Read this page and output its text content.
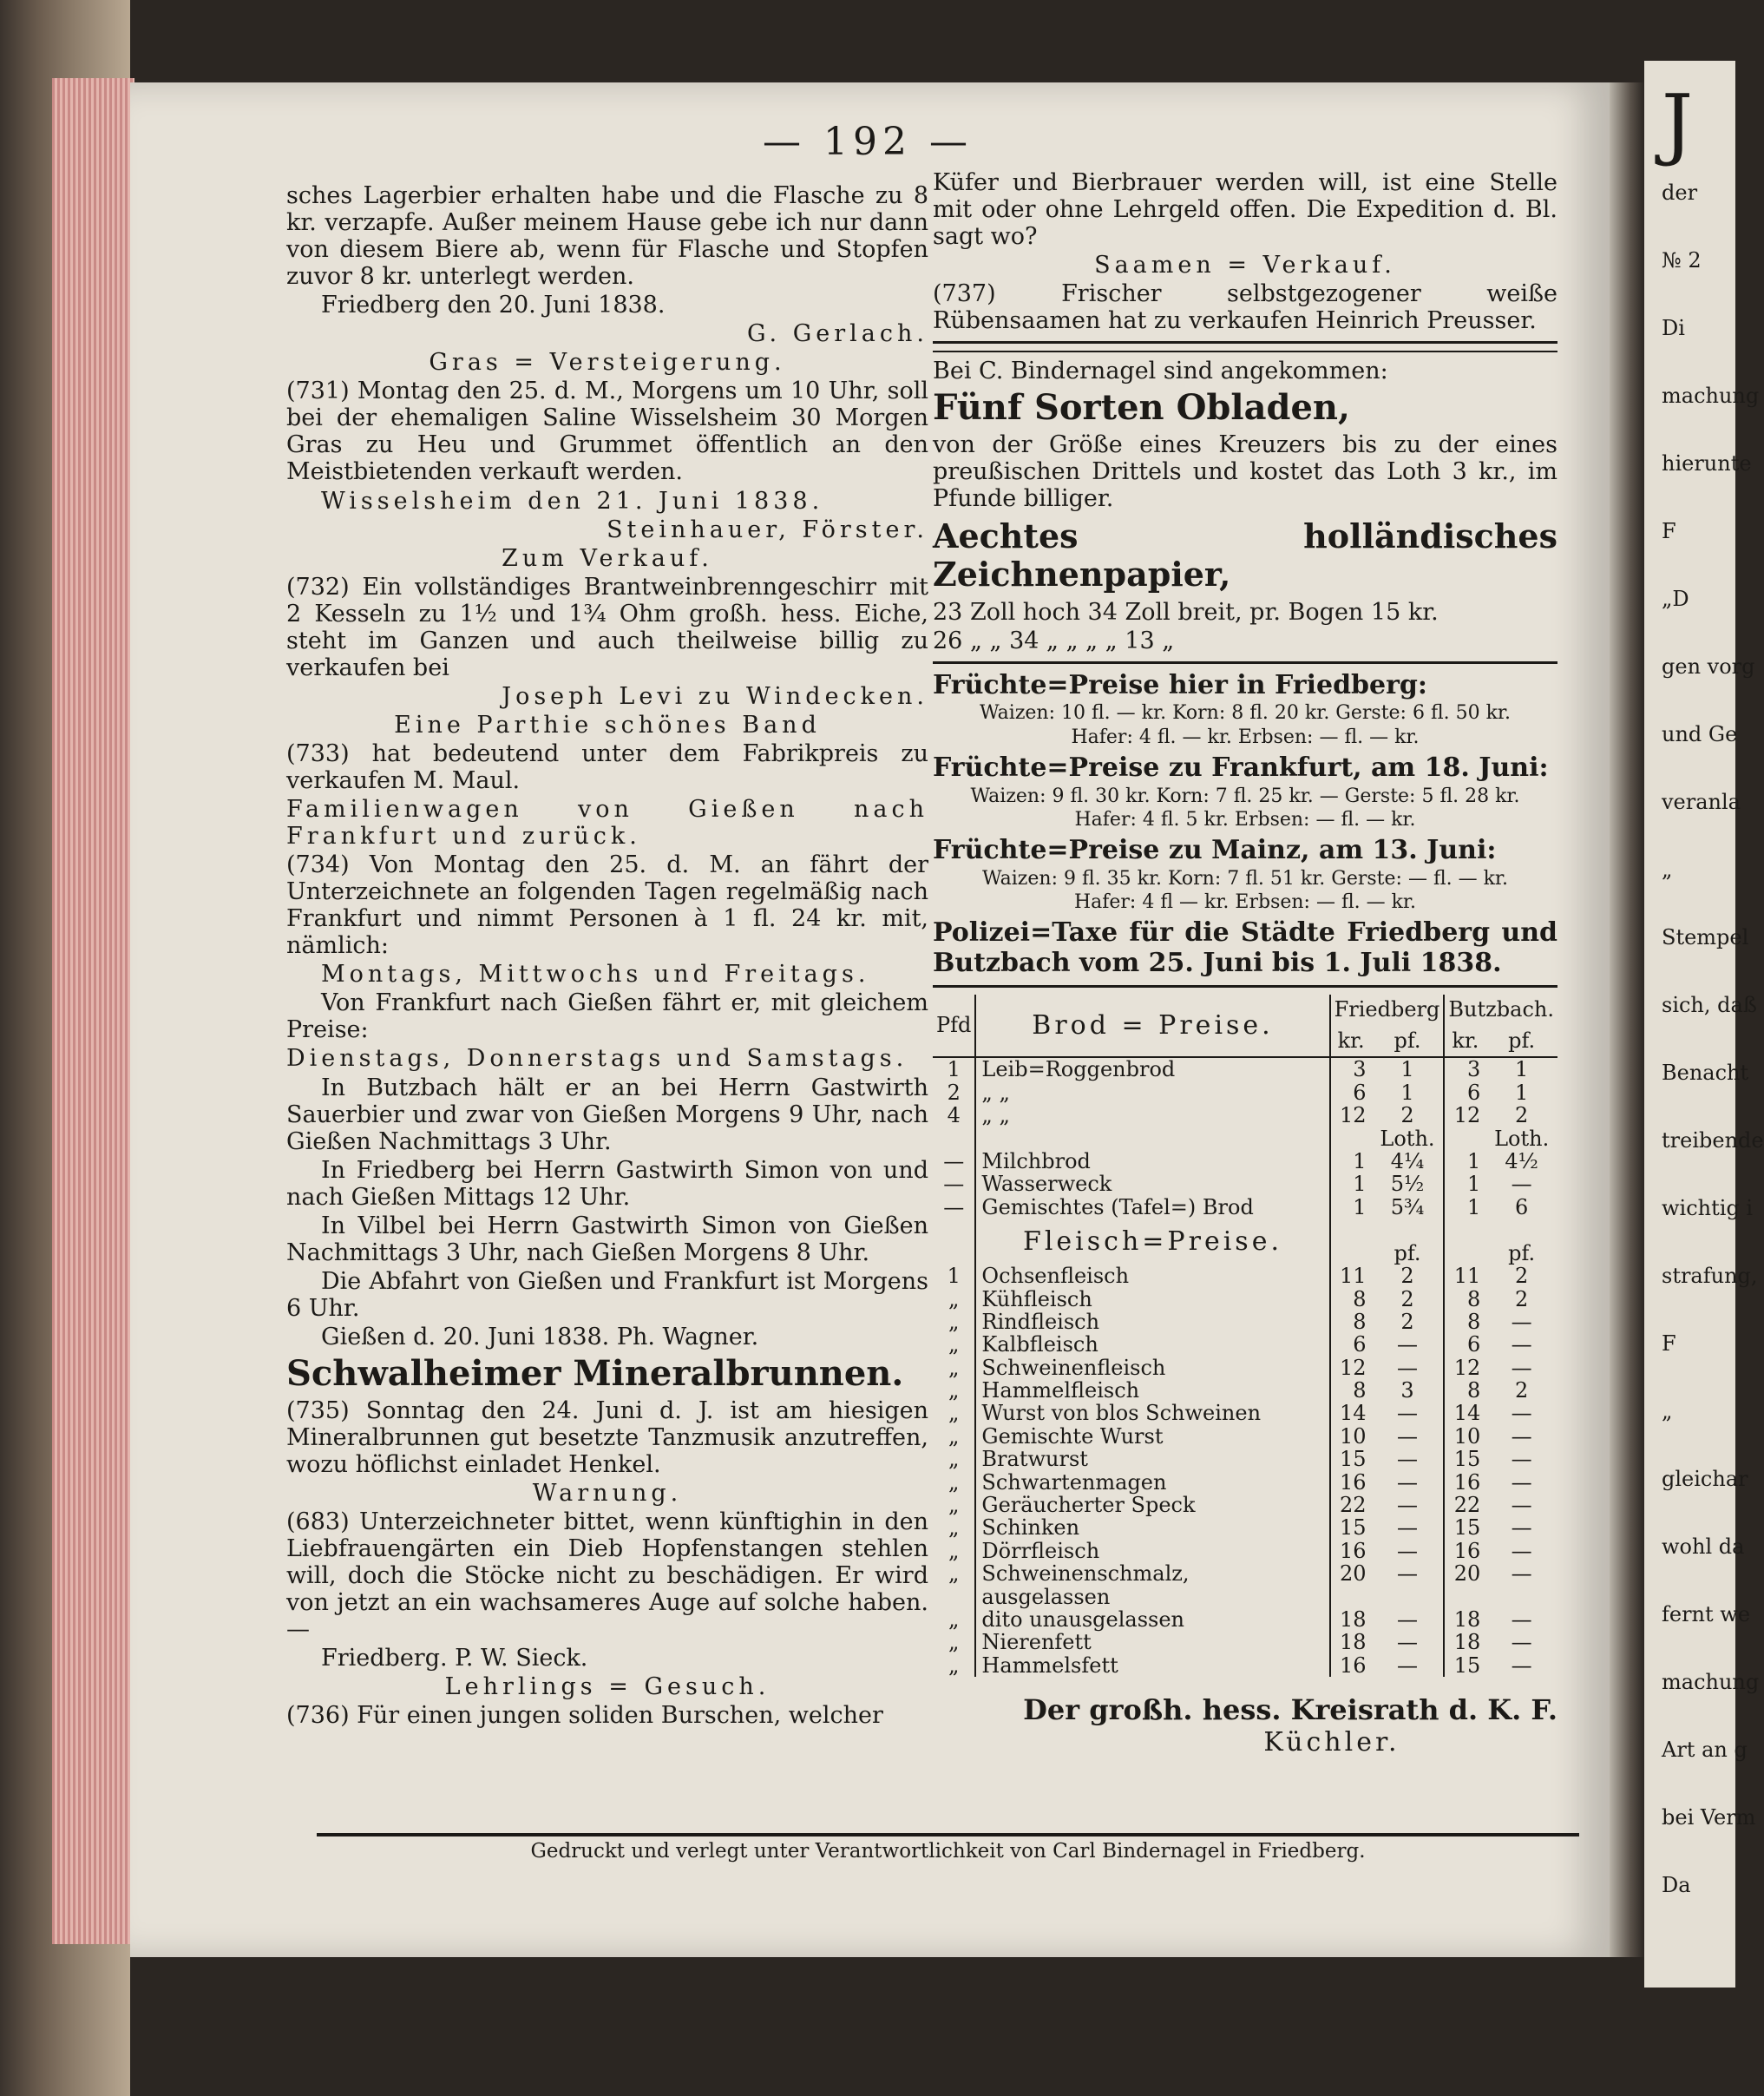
J
der
№ 2
Di
machung
hierunte
F
„D
gen vorg
und Ge
veranla
„
Stempel
sich, daß
Benacht
treibende
wichtig i
strafung,
F
„
gleichar
wohl da
fernt we
machung
Art an g
bei Verm
Da
— 192 —

sches Lagerbier erhalten habe und die Flasche zu 8 kr. verzapfe. Außer meinem Hause gebe ich nur dann von diesem Biere ab, wenn für Flasche und Stopfen zuvor 8 kr. unterlegt werden.

Friedberg den 20. Juni 1838.

G. Gerlach.

Gras = Versteigerung.

(731) Montag den 25. d. M., Morgens um 10 Uhr, soll bei der ehemaligen Saline Wisselsheim 30 Morgen Gras zu Heu und Grummet öffentlich an den Meistbietenden verkauft werden.

Wisselsheim den 21. Juni 1838.

Steinhauer, Förster.

Zum Verkauf.

(732) Ein vollständiges Brantweinbrenngeschirr mit 2 Kesseln zu 1½ und 1¾ Ohm großh. hess. Eiche, steht im Ganzen und auch theilweise billig zu verkaufen bei

Joseph Levi zu Windecken.

Eine Parthie schönes Band

(733) hat bedeutend unter dem Fabrikpreis zu verkaufen M. Maul.

Familienwagen von Gießen nach Frankfurt und zurück.

(734) Von Montag den 25. d. M. an fährt der Unterzeichnete an folgenden Tagen regelmäßig nach Frankfurt und nimmt Personen à 1 fl. 24 kr. mit, nämlich:

Montags, Mittwochs und Freitags.

Von Frankfurt nach Gießen fährt er, mit gleichem Preise:

Dienstags, Donnerstags und Samstags.

In Butzbach hält er an bei Herrn Gastwirth Sauerbier und zwar von Gießen Morgens 9 Uhr, nach Gießen Nachmittags 3 Uhr.

In Friedberg bei Herrn Gastwirth Simon von und nach Gießen Mittags 12 Uhr.

In Vilbel bei Herrn Gastwirth Simon von Gießen Nachmittags 3 Uhr, nach Gießen Morgens 8 Uhr.

Die Abfahrt von Gießen und Frankfurt ist Morgens 6 Uhr.

Gießen d. 20. Juni 1838. Ph. Wagner.

Schwalheimer Mineralbrunnen.

(735) Sonntag den 24. Juni d. J. ist am hiesigen Mineralbrunnen gut besetzte Tanzmusik anzutreffen, wozu höflichst einladet Henkel.

Warnung.

(683) Unterzeichneter bittet, wenn künftighin in den Liebfrauengärten ein Dieb Hopfenstangen stehlen will, doch die Stöcke nicht zu beschädigen. Er wird von jetzt an ein wachsameres Auge auf solche haben. —

Friedberg. P. W. Sieck.

Lehrlings = Gesuch.

(736) Für einen jungen soliden Burschen, welcher

Küfer und Bierbrauer werden will, ist eine Stelle mit oder ohne Lehrgeld offen. Die Expedition d. Bl. sagt wo?

Saamen = Verkauf.

(737) Frischer selbstgezogener weiße Rübensaamen hat zu verkaufen Heinrich Preusser.

Bei C. Bindernagel sind angekommen:

Fünf Sorten Obladen,

von der Größe eines Kreuzers bis zu der eines preußischen Drittels und kostet das Loth 3 kr., im Pfunde billiger.

Aechtes holländisches Zeichnenpapier,

23 Zoll hoch 34 Zoll breit, pr. Bogen 15 kr.

26 „ „ 34 „ „ „ „ 13 „

Früchte=Preise hier in Friedberg:

Waizen: 10 fl. — kr. Korn: 8 fl. 20 kr. Gerste: 6 fl. 50 kr.

Hafer: 4 fl. — kr. Erbsen: — fl. — kr.

Früchte=Preise zu Frankfurt, am 18. Juni:

Waizen: 9 fl. 30 kr. Korn: 7 fl. 25 kr. — Gerste: 5 fl. 28 kr.

Hafer: 4 fl. 5 kr. Erbsen: — fl. — kr.

Früchte=Preise zu Mainz, am 13. Juni:

Waizen: 9 fl. 35 kr. Korn: 7 fl. 51 kr. Gerste: — fl. — kr.

Hafer: 4 fl — kr. Erbsen: — fl. — kr.

Polizei=Taxe für die Städte Friedberg und Butzbach vom 25. Juni bis 1. Juli 1838.

Pfd	Brod = Preise.	Friedberg		Butzbach.	
		kr.	pf.	kr.	pf.
1	Leib=Roggenbrod	3	1	3	1
2	„ „	6	1	6	1
4	„ „	12	2	12	2
			Loth.		Loth.
—	Milchbrod	1	4¼	1	4½
—	Wasserweck	1	5½	1	—
—	Gemischtes (Tafel=) Brod	1	5¾	1	6
	Fleisch=Preise.		pf.		pf.
1	Ochsenfleisch	11	2	11	2
„	Kühfleisch	8	2	8	2
„	Rindfleisch	8	2	8	—
„	Kalbfleisch	6	—	6	—
„	Schweinenfleisch	12	—	12	—
„	Hammelfleisch	8	3	8	2
„	Wurst von blos Schweinen	14	—	14	—
„	Gemischte Wurst	10	—	10	—
„	Bratwurst	15	—	15	—
„	Schwartenmagen	16	—	16	—
„	Geräucherter Speck	22	—	22	—
„	Schinken	15	—	15	—
„	Dörrfleisch	16	—	16	—
„	Schweinenschmalz, ausgelassen	20	—	20	—
„	dito unausgelassen	18	—	18	—
„	Nierenfett	18	—	18	—
„	Hammelsfett	16	—	15	—

Der großh. hess. Kreisrath d. K. F.

Küchler.

Gedruckt und verlegt unter Verantwortlichkeit von Carl Bindernagel in Friedberg.
